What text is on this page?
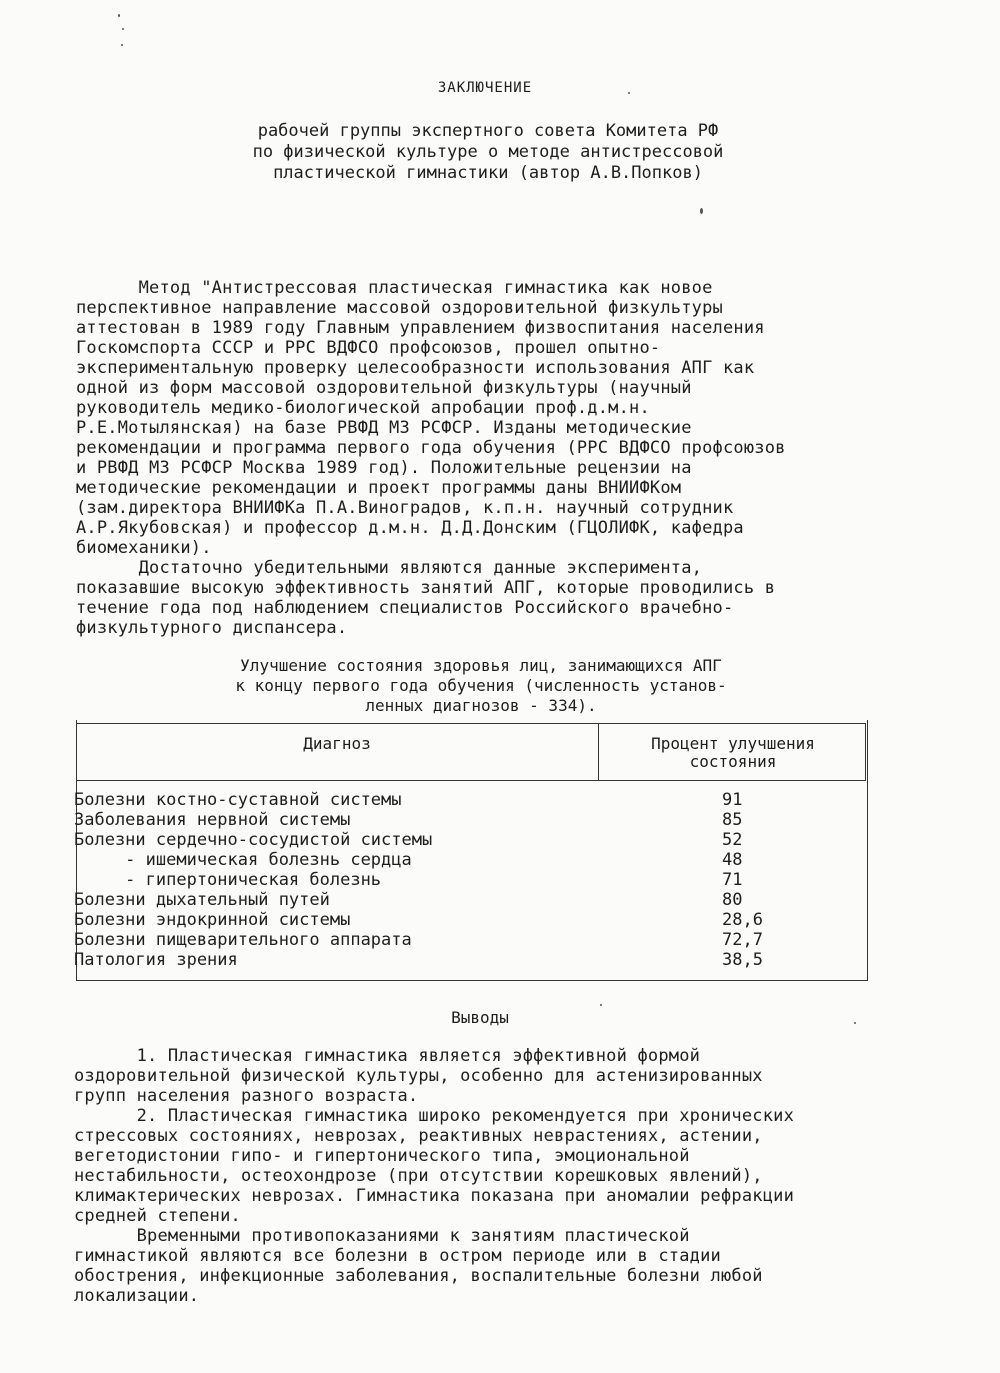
ЗАКЛЮЧЕНИЕ
рабочей группы экспертного совета Комитета РФ
по физической культуре о методе антистрессовой
пластической гимнастики (автор А.В.Попков)
Метод "Антистрессовая пластическая гимнастика как новое
перспективное направление массовой оздоровительной физкультуры
аттестован в 1989 году Главным управлением физвоспитания населения
Госкомспорта СССР и РРС ВДФСО профсоюзов, прошел опытно-
экспериментальную проверку целесообразности использования АПГ как
одной из форм массовой оздоровительной физкультуры (научный
руководитель медико-биологической апробации проф.д.м.н.
Р.Е.Мотылянская) на базе РВФД МЗ РСФСР. Изданы методические
рекомендации и программа первого года обучения (РРС ВДФСО профсоюзов
и РВФД МЗ РСФСР Москва 1989 год). Положительные рецензии на
методические рекомендации и проект программы даны ВНИИФКом
(зам.директора ВНИИФКа П.А.Виноградов, к.п.н. научный сотрудник
А.Р.Якубовская) и профессор д.м.н. Д.Д.Донским (ГЦОЛИФК, кафедра
биомеханики).
Достаточно убедительными являются данные эксперимента,
показавшие высокую эффективность занятий АПГ, которые проводились в
течение года под наблюдением специалистов Российского врачебно-
физкультурного диспансера.
Улучшение состояния здоровья лиц, занимающихся АПГ
к концу первого года обучения (численность установ-
ленных диагнозов - 334).
Диагноз	Процент улучшения
состояния
Болезни костно-суставной системы	91
Заболевания нервной системы	85
Болезни сердечно-сосудистой системы	52
- ишемическая болезнь сердца	48
- гипертоническая болезнь	71
Болезни дыхательный путей	80
Болезни эндокринной системы	28,6
Болезни пищеварительного аппарата	72,7
Патология зрения	38,5
Выводы
1. Пластическая гимнастика является эффективной формой
оздоровительной физической культуры, особенно для астенизированных
групп населения разного возраста.
2. Пластическая гимнастика широко рекомендуется при хронических
стрессовых состояниях, неврозах, реактивных неврастениях, астении,
вегетодистонии гипо- и гипертонического типа, эмоциональной
нестабильности, остеохондрозе (при отсутствии корешковых явлений),
климактерических неврозах. Гимнастика показана при аномалии рефракции
средней степени.
Временными противопоказаниями к занятиям пластической
гимнастикой являются все болезни в остром периоде или в стадии
обострения, инфекционные заболевания, воспалительные болезни любой
локализации.
